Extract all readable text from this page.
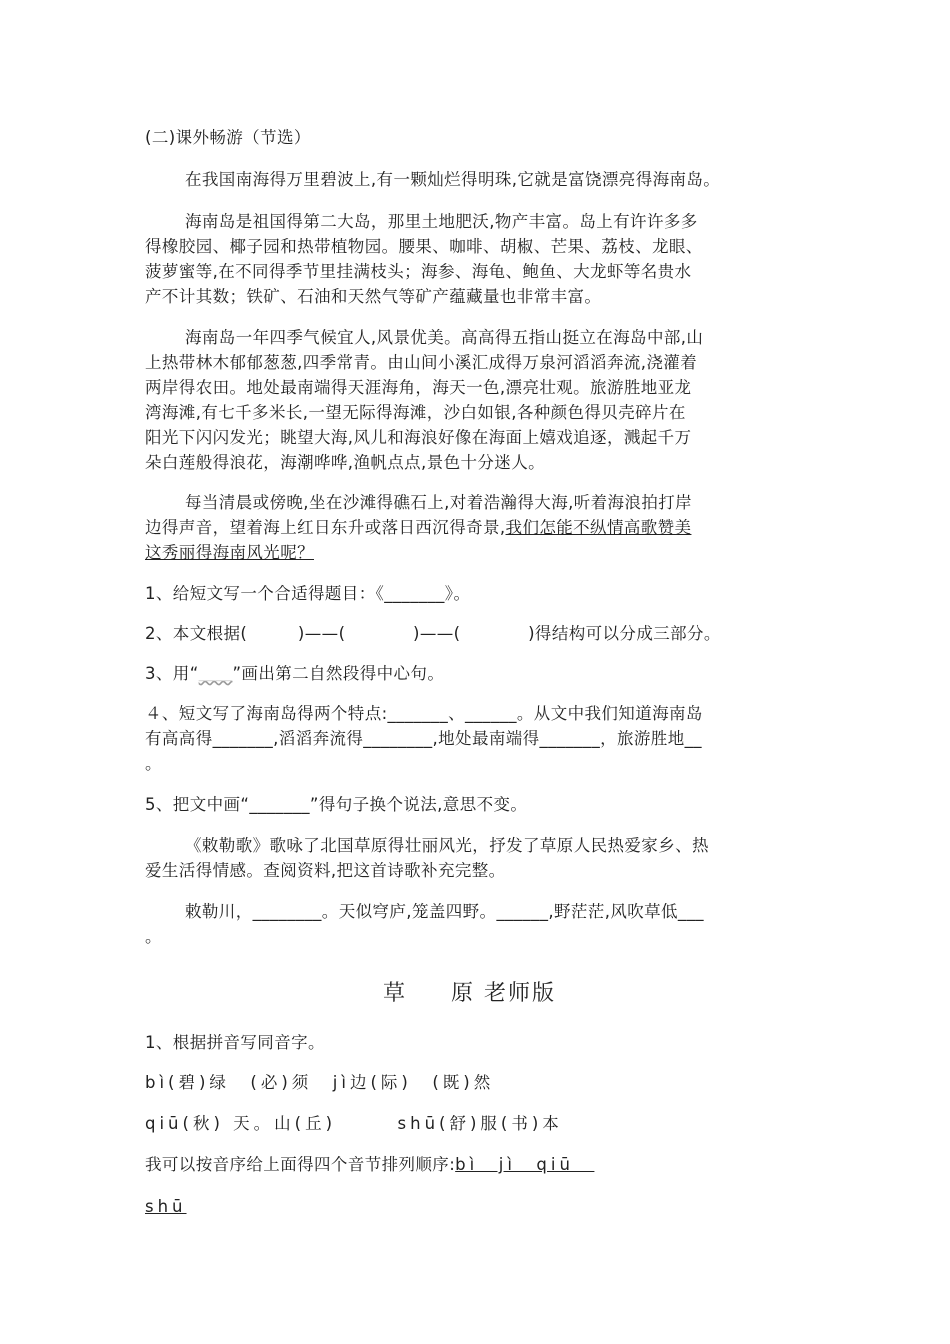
(二)课外畅游（节选）
在我国南海得万里碧波上,有一颗灿烂得明珠,它就是富饶漂亮得海南岛。
海南岛是祖国得第二大岛，那里土地肥沃,物产丰富。岛上有许许多多
得橡胶园、椰子园和热带植物园。腰果、咖啡、胡椒、芒果、荔枝、龙眼、
菠萝蜜等,在不同得季节里挂满枝头；海参、海龟、鲍鱼、大龙虾等名贵水
产不计其数；铁矿、石油和天然气等矿产蕴藏量也非常丰富。
海南岛一年四季气候宜人,风景优美。高高得五指山挺立在海岛中部,山
上热带林木郁郁葱葱,四季常青。由山间小溪汇成得万泉河滔滔奔流,浇灌着
两岸得农田。地处最南端得天涯海角，海天一色,漂亮壮观。旅游胜地亚龙
湾海滩,有七千多米长,一望无际得海滩，沙白如银,各种颜色得贝壳碎片在
阳光下闪闪发光；眺望大海,风儿和海浪好像在海面上嬉戏追逐，溅起千万
朵白莲般得浪花，海潮哗哗,渔帆点点,景色十分迷人。
每当清晨或傍晚,坐在沙滩得礁石上,对着浩瀚得大海,听着海浪拍打岸
边得声音，望着海上红日东升或落日西沉得奇景,我们怎能不纵情高歌赞美
这秀丽得海南风光呢？
1、给短文写一个合适得题目：《_______》。
2、本文根据(　　　)——(　　　　)——(　　　　)得结构可以分成三部分。
3、用“＿＿”画出第二自然段得中心句。
４、短文写了海南岛得两个特点:_______、______。从文中我们知道海南岛
有高高得_______,滔滔奔流得________,地处最南端得_______，旅游胜地__
。
5、把文中画“_______”得句子换个说法,意思不变。
《敕勒歌》歌咏了北国草原得壮丽风光，抒发了草原人民热爱家乡、热
爱生活得情感。查阅资料,把这首诗歌补充完整。
敕勒川，________。天似穹庐,笼盖四野。______,野茫茫,风吹草低___
。
草 原 老师版
1、根据拼音写同音字。
bì(碧)绿　(必)须　jì边(际)　(既)然
qiū(秋) 天。山(丘)　　　shū(舒)服(书)本
我可以按音序给上面得四个音节排列顺序:bì　jì　qiū　
shū
